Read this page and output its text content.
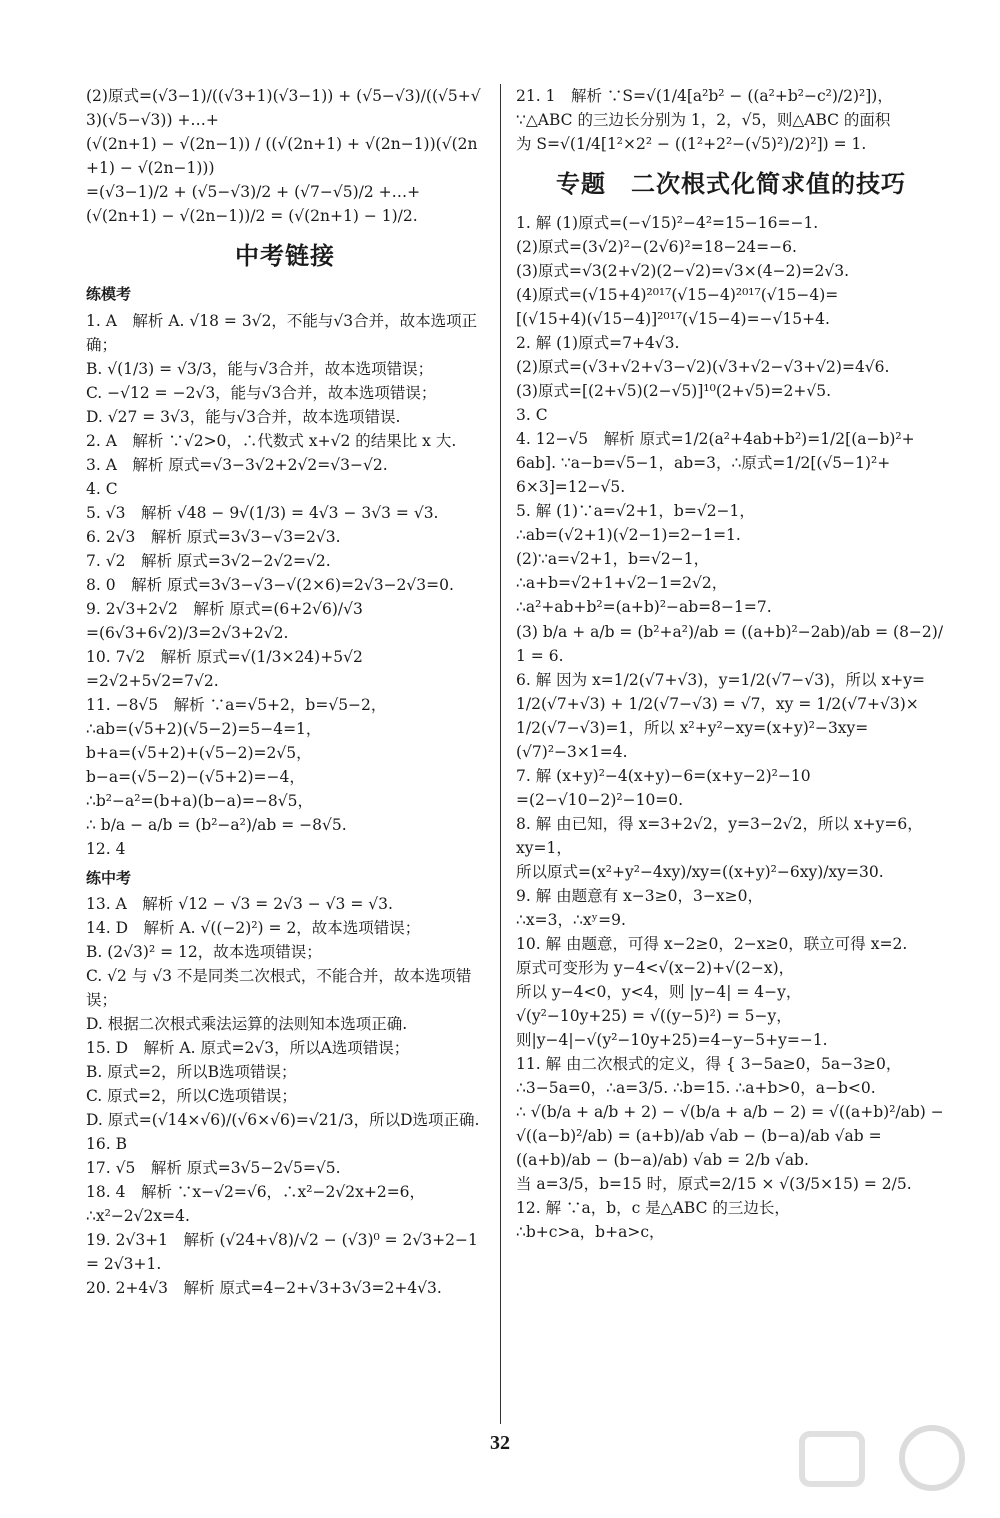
(2)原式=(√3−1)/((√3+1)(√3−1)) + (√5−√3)/((√5+√3)(√5−√3)) +…+
(√(2n+1) − √(2n−1)) / ((√(2n+1) + √(2n−1))(√(2n+1) − √(2n−1)))
=(√3−1)/2 + (√5−√3)/2 + (√7−√5)/2 +…+
(√(2n+1) − √(2n−1))/2 = (√(2n+1) − 1)/2.
中考链接
练模考
1. A　解析 A. √18 = 3√2，不能与√3合并，故本选项正确；
B. √(1/3) = √3/3，能与√3合并，故本选项错误；
C. −√12 = −2√3，能与√3合并，故本选项错误；
D. √27 = 3√3，能与√3合并，故本选项错误.
2. A　解析 ∵√2>0，∴代数式 x+√2 的结果比 x 大.
3. A　解析 原式=√3−3√2+2√2=√3−√2.
4. C
5. √3　解析 √48 − 9√(1/3) = 4√3 − 3√3 = √3.
6. 2√3　解析 原式=3√3−√3=2√3.
7. √2　解析 原式=3√2−2√2=√2.
8. 0　解析 原式=3√3−√3−√(2×6)=2√3−2√3=0.
9. 2√3+2√2　解析 原式=(6+2√6)/√3
=(6√3+6√2)/3=2√3+2√2.
10. 7√2　解析 原式=√(1/3×24)+5√2
=2√2+5√2=7√2.
11. −8√5　解析 ∵a=√5+2，b=√5−2，
∴ab=(√5+2)(√5−2)=5−4=1，
b+a=(√5+2)+(√5−2)=2√5，
b−a=(√5−2)−(√5+2)=−4，
∴b²−a²=(b+a)(b−a)=−8√5，
∴ b/a − a/b = (b²−a²)/ab = −8√5.
12. 4
练中考
13. A　解析 √12 − √3 = 2√3 − √3 = √3.
14. D　解析 A. √((−2)²) = 2，故本选项错误；
B. (2√3)² = 12，故本选项错误；
C. √2 与 √3 不是同类二次根式，不能合并，故本选项错误；
D. 根据二次根式乘法运算的法则知本选项正确.
15. D　解析 A. 原式=2√3，所以A选项错误；
B. 原式=2，所以B选项错误；
C. 原式=2，所以C选项错误；
D. 原式=(√14×√6)/(√6×√6)=√21/3，所以D选项正确.
16. B
17. √5　解析 原式=3√5−2√5=√5.
18. 4　解析 ∵x−√2=√6，∴x²−2√2x+2=6，
∴x²−2√2x=4.
19. 2√3+1　解析 (√24+√8)/√2 − (√3)⁰ = 2√3+2−1 = 2√3+1.
20. 2+4√3　解析 原式=4−2+√3+3√3=2+4√3.
21. 1　解析 ∵S=√(1/4[a²b² − ((a²+b²−c²)/2)²])，
∵△ABC 的三边长分别为 1，2，√5，则△ABC 的面积
为 S=√(1/4[1²×2² − ((1²+2²−(√5)²)/2)²]) = 1.
专题　二次根式化简求值的技巧
1. 解 (1)原式=(−√15)²−4²=15−16=−1.
(2)原式=(3√2)²−(2√6)²=18−24=−6.
(3)原式=√3(2+√2)(2−√2)=√3×(4−2)=2√3.
(4)原式=(√15+4)²⁰¹⁷(√15−4)²⁰¹⁷(√15−4)=
[(√15+4)(√15−4)]²⁰¹⁷(√15−4)=−√15+4.
2. 解 (1)原式=7+4√3.
(2)原式=(√3+√2+√3−√2)(√3+√2−√3+√2)=4√6.
(3)原式=[(2+√5)(2−√5)]¹⁰(2+√5)=2+√5.
3. C
4. 12−√5　解析 原式=1/2(a²+4ab+b²)=1/2[(a−b)²+
6ab]. ∵a−b=√5−1，ab=3，∴原式=1/2[(√5−1)²+
6×3]=12−√5.
5. 解 (1)∵a=√2+1，b=√2−1，
∴ab=(√2+1)(√2−1)=2−1=1.
(2)∵a=√2+1，b=√2−1，
∴a+b=√2+1+√2−1=2√2，
∴a²+ab+b²=(a+b)²−ab=8−1=7.
(3) b/a + a/b = (b²+a²)/ab = ((a+b)²−2ab)/ab = (8−2)/1 = 6.
6. 解 因为 x=1/2(√7+√3)，y=1/2(√7−√3)，所以 x+y=
1/2(√7+√3) + 1/2(√7−√3) = √7，xy = 1/2(√7+√3)×
1/2(√7−√3)=1，所以 x²+y²−xy=(x+y)²−3xy=
(√7)²−3×1=4.
7. 解 (x+y)²−4(x+y)−6=(x+y−2)²−10
=(2−√10−2)²−10=0.
8. 解 由已知，得 x=3+2√2，y=3−2√2，所以 x+y=6，
xy=1，
所以原式=(x²+y²−4xy)/xy=((x+y)²−6xy)/xy=30.
9. 解 由题意有 x−3≥0，3−x≥0，
∴x=3，∴xʸ=9.
10. 解 由题意，可得 x−2≥0，2−x≥0，联立可得 x=2.
原式可变形为 y−4<√(x−2)+√(2−x)，
所以 y−4<0，y<4，则 |y−4| = 4−y，
√(y²−10y+25) = √((y−5)²) = 5−y，
则|y−4|−√(y²−10y+25)=4−y−5+y=−1.
11. 解 由二次根式的定义，得 { 3−5a≥0，5a−3≥0，
∴3−5a=0，∴a=3/5. ∴b=15. ∴a+b>0，a−b<0.
∴ √(b/a + a/b + 2) − √(b/a + a/b − 2) = √((a+b)²/ab) −
√((a−b)²/ab) = (a+b)/ab √ab − (b−a)/ab √ab =
((a+b)/ab − (b−a)/ab) √ab = 2/b √ab.
当 a=3/5，b=15 时，原式=2/15 × √(3/5×15) = 2/5.
12. 解 ∵a，b，c 是△ABC 的三边长，
∴b+c>a，b+a>c，
32
